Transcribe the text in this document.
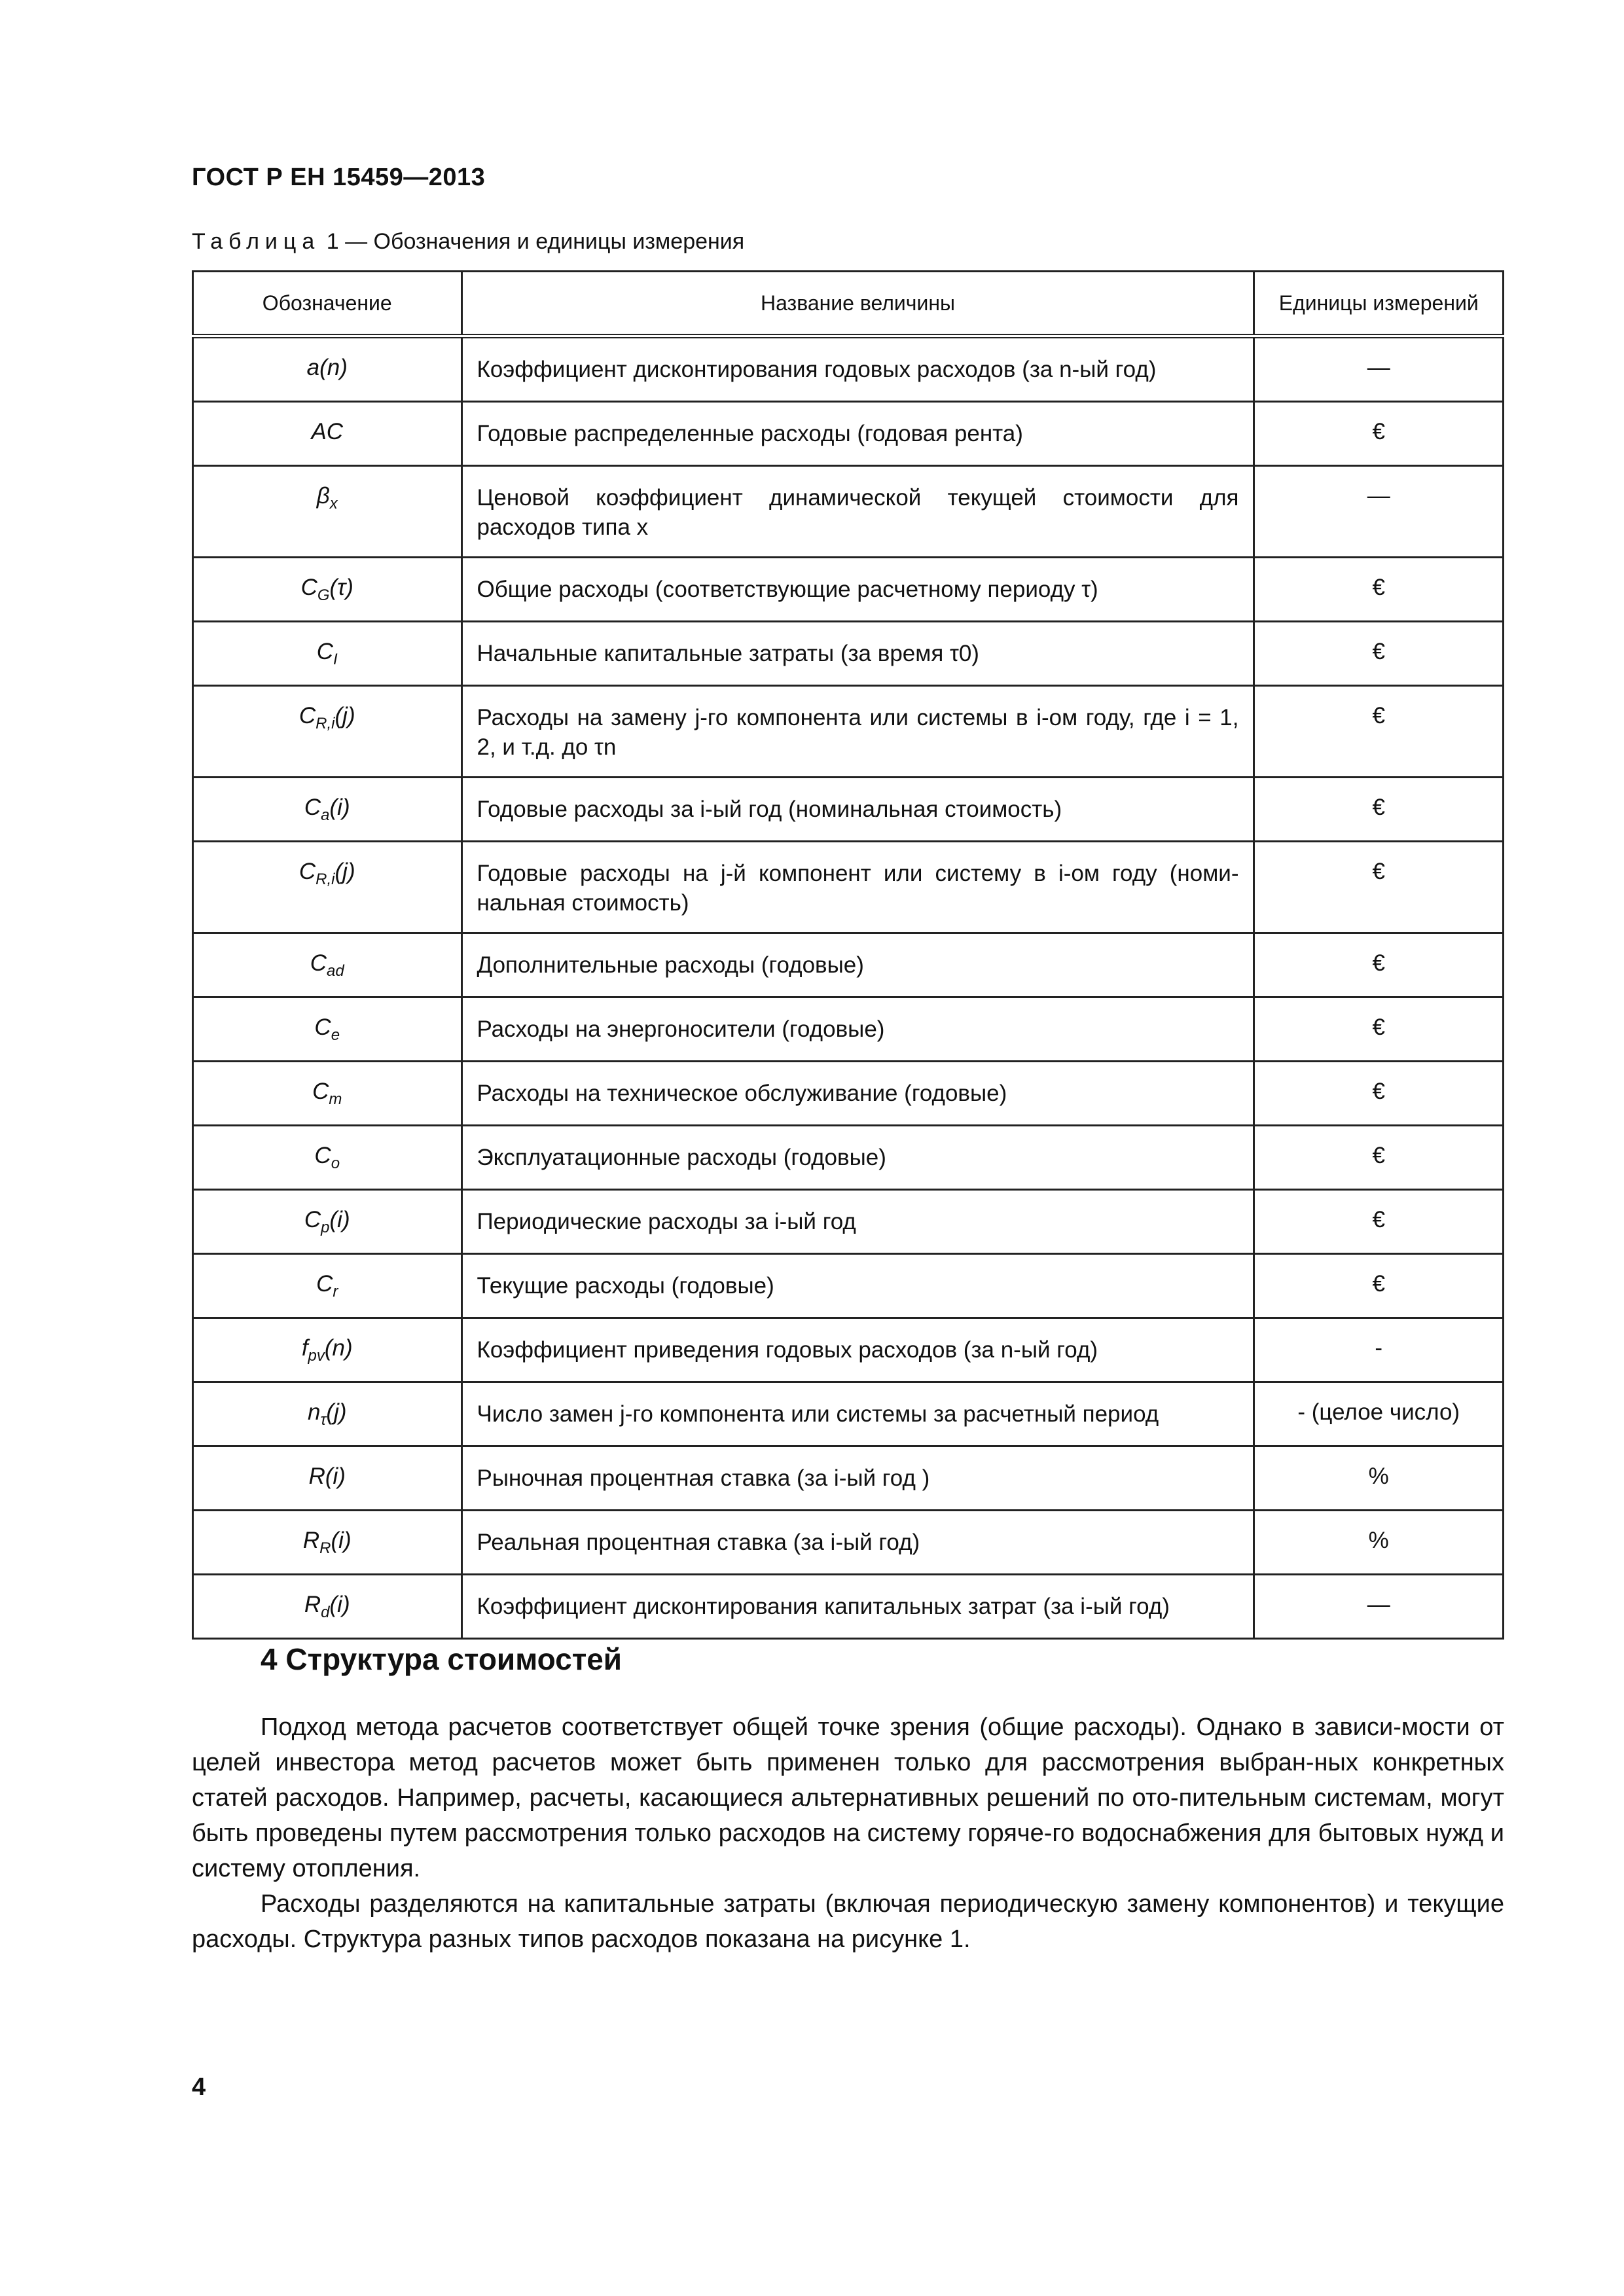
ГОСТ Р ЕН 15459—2013
Таблица 1 — Обозначения и единицы измерения
Обозначение	Название величины	Единицы измерений
a(n)	Коэффициент дисконтирования годовых расходов (за n-ый год)	—
AC	Годовые распределенные расходы (годовая рента)	€
$\beta_x$	Ценовой коэффициент динамической текущей стоимости для расходов типа x	—
$C_G(\tau)$	Общие расходы (соответствующие расчетному периоду τ)	€
$C_I$	Начальные капитальные затраты (за время τ0)	€
$C_{R,i}(j)$	Расходы на замену j-го компонента или системы в i-ом году, где i = 1, 2, и т.д. до τn	€
$C_a(i)$	Годовые расходы за i-ый год (номинальная стоимость)	€
$C_{R,i}(j)$	Годовые расходы на j-й компонент или систему в i-ом году (номи-нальная стоимость)	€
$C_{ad}$	Дополнительные расходы (годовые)	€
$C_e$	Расходы на энергоносители (годовые)	€
$C_m$	Расходы на техническое обслуживание (годовые)	€
$C_o$	Эксплуатационные расходы (годовые)	€
$C_p(i)$	Периодические расходы за i-ый год	€
$C_r$	Текущие расходы (годовые)	€
$f_{pv}(n)$	Коэффициент приведения годовых расходов (за n-ый год)	-
$n_\tau(j)$	Число замен j-го компонента или системы за расчетный период	- (целое число)
R(i)	Рыночная процентная ставка (за i-ый год )	%
$R_R(i)$	Реальная процентная ставка (за i-ый год)	%
$R_d(i)$	Коэффициент дисконтирования капитальных затрат (за i-ый год)	—
4 Структура стоимостей

Подход метода расчетов соответствует общей точке зрения (общие расходы). Однако в зависи-мости от целей инвестора метод расчетов может быть применен только для рассмотрения выбран-ных конкретных статей расходов. Например, расчеты, касающиеся альтернативных решений по ото-пительным системам, могут быть проведены путем рассмотрения только расходов на систему горяче-го водоснабжения для бытовых нужд и систему отопления.

Расходы разделяются на капитальные затраты (включая периодическую замену компонентов) и текущие расходы. Структура разных типов расходов показана на рисунке 1.

4
